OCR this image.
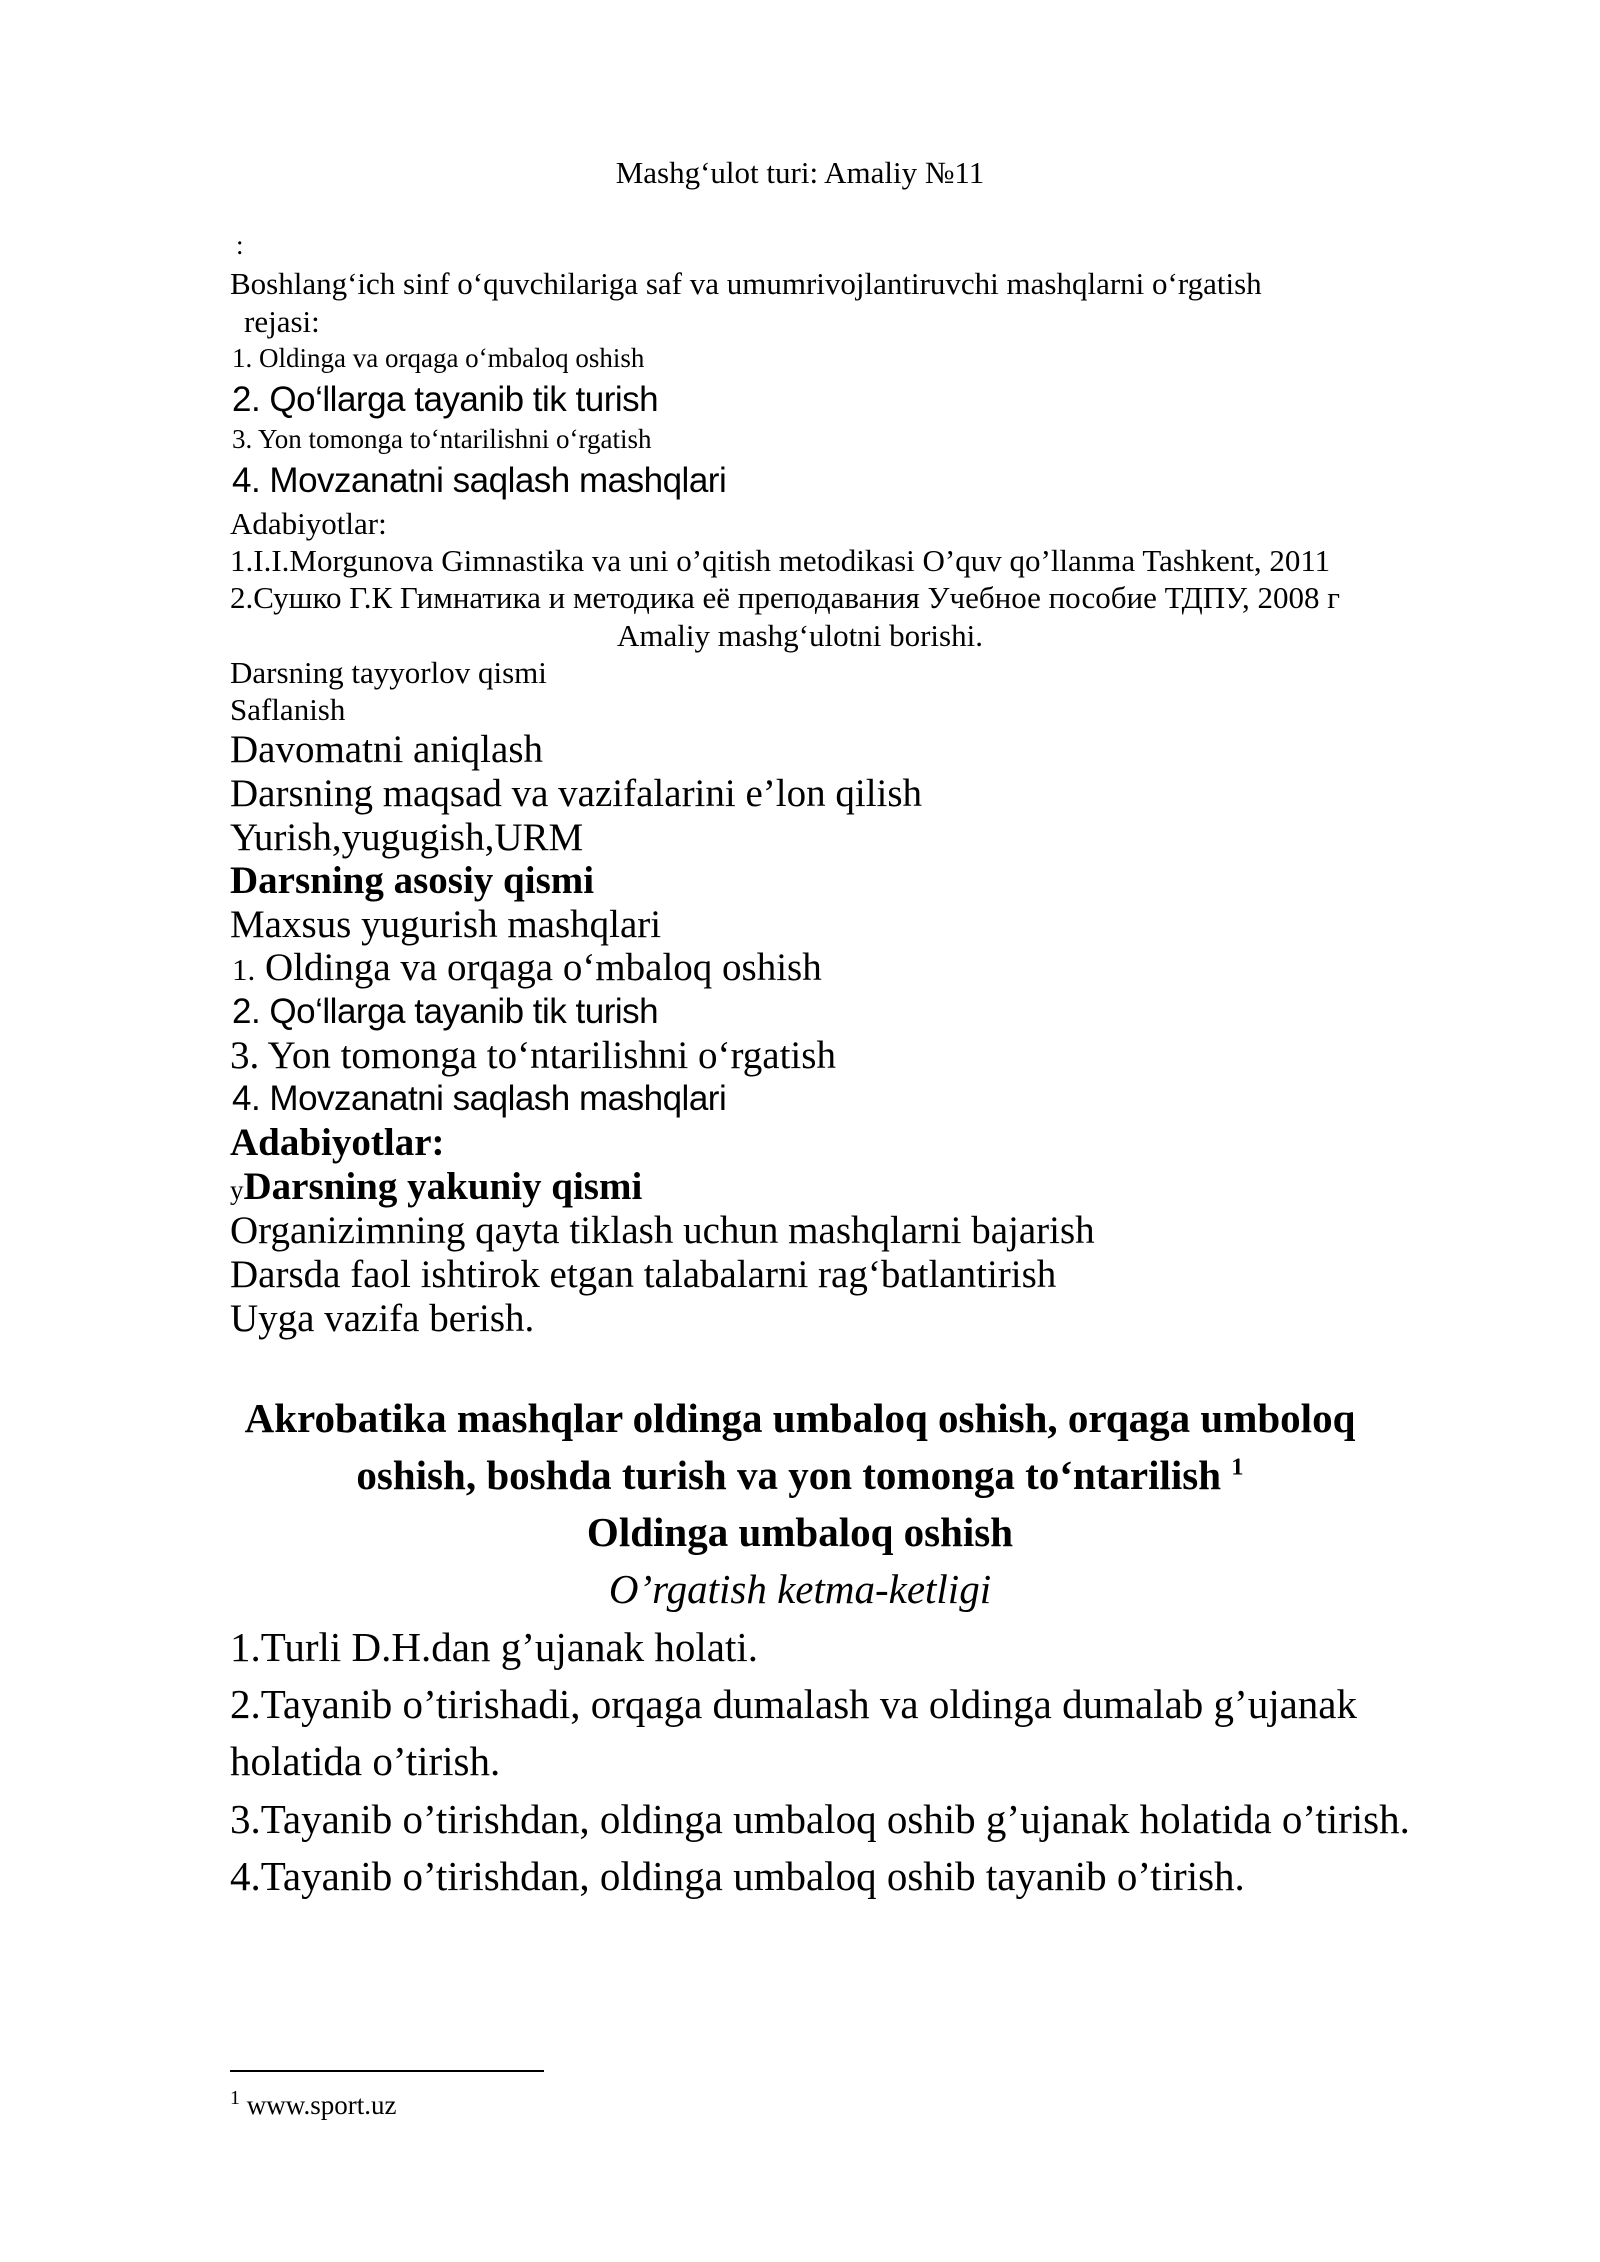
Mashg‘ulot turi: Amaliy №11
:
Boshlang‘ich sinf o‘quvchilariga saf va umumrivojlantiruvchi mashqlarni o‘rgatish
rejasi:
1. Oldinga va orqaga o‘mbaloq oshish
2. Qo‘llarga tayanib tik turish
3. Yon tomonga to‘ntarilishni o‘rgatish
4. Movzanatni saqlash mashqlari
Adabiyotlar:
1.I.I.Morgunova Gimnastika va uni o’qitish metodikasi O’quv qo’llanma Tashkent, 2011
2.Сушко Г.К Гимнатика и методика её преподавания Учебное пособие ТДПУ, 2008 г
Amaliy mashg‘ulotni borishi.
Darsning tayyorlov qismi
Saflanish
Davomatni aniqlash
Darsning maqsad va vazifalarini e’lon qilish
Yurish,yugugish,URM
Darsning asosiy qismi
Maxsus yugurish mashqlari
1. Oldinga va orqaga o‘mbaloq oshish
2. Qo‘llarga tayanib tik turish
3. Yon tomonga to‘ntarilishni o‘rgatish
4. Movzanatni saqlash mashqlari
Adabiyotlar:
yDarsning yakuniy qismi
Organizimning qayta tiklash uchun mashqlarni bajarish
Darsda faol ishtirok etgan talabalarni rag‘batlantirish
Uyga vazifa berish.
Akrobatika mashqlar oldinga umbaloq oshish, orqaga umboloq
oshish, boshda turish va yon tomonga to‘ntarilish $^1$
Oldinga umbaloq oshish
O’rgatish ketma-ketligi
1.Turli D.H.dan g’ujanak holati.
2.Tayanib o’tirishadi, orqaga dumalash va oldinga dumalab g’ujanak
holatida o’tirish.
3.Tayanib o’tirishdan, oldinga umbaloq oshib g’ujanak holatida o’tirish.
4.Tayanib o’tirishdan, oldinga umbaloq oshib tayanib o’tirish.
$^1$ www.sport.uz
